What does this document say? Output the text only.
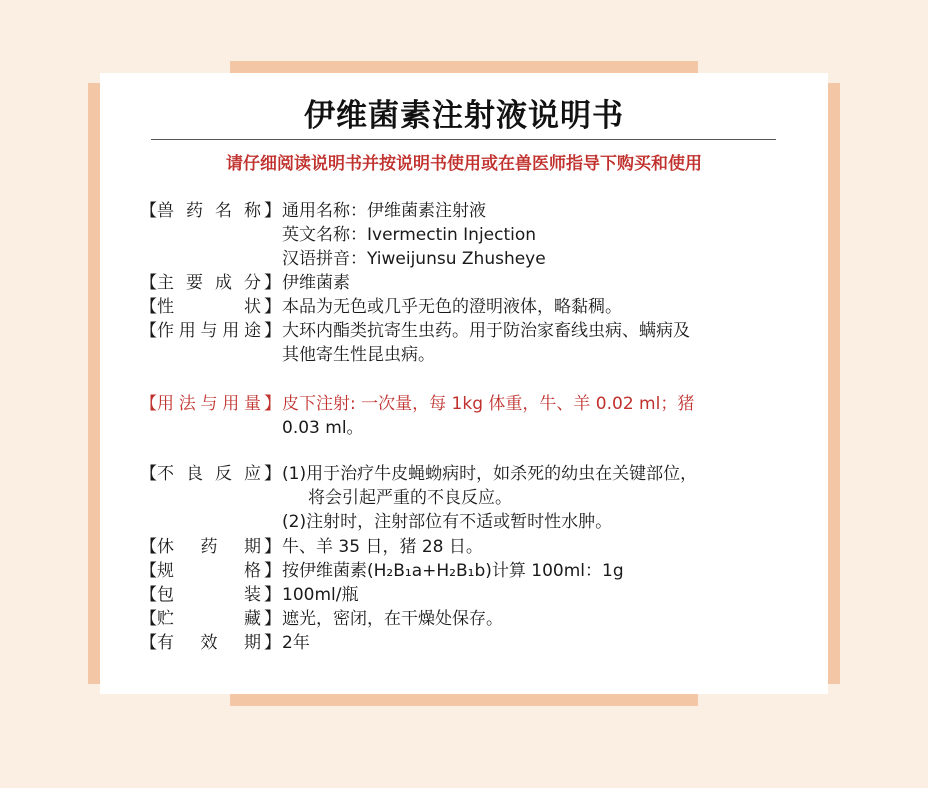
伊维菌素注射液说明书
请仔细阅读说明书并按说明书使用或在兽医师指导下购买和使用
【 兽 药 名 称 】 通用名称：伊维菌素注射液
英文名称：Ivermectin Injection
汉语拼音：Yiweijunsu Zhusheye
【 主 要 成 分 】 伊维菌素
【 性	状 】 本品为无色或几乎无色的澄明液体，略黏稠。
【 作 用 与 用 途 】 大环内酯类抗寄生虫药。用于防治家畜线虫病、螨病及
其他寄生性昆虫病。
【 用 法 与 用 量 】 皮下注射: 一次量，每 1kg 体重，牛、羊 0.02 ml；猪
0.03 ml。
【 不 良 反 应 】 (1)用于治疗牛皮蝇蚴病时，如杀死的幼虫在关键部位，
将会引起严重的不良反应。
(2)注射时，注射部位有不适或暂时性水肿。
【 休 药 期 】 牛、羊 35 日，猪 28 日。
【 规	格 】 按伊维菌素(H₂B₁a+H₂B₁b)计算 100ml：1g
【 包	装 】 100ml/瓶
【 贮	藏 】 遮光，密闭，在干燥处保存。
【 有 效 期 】 2年
